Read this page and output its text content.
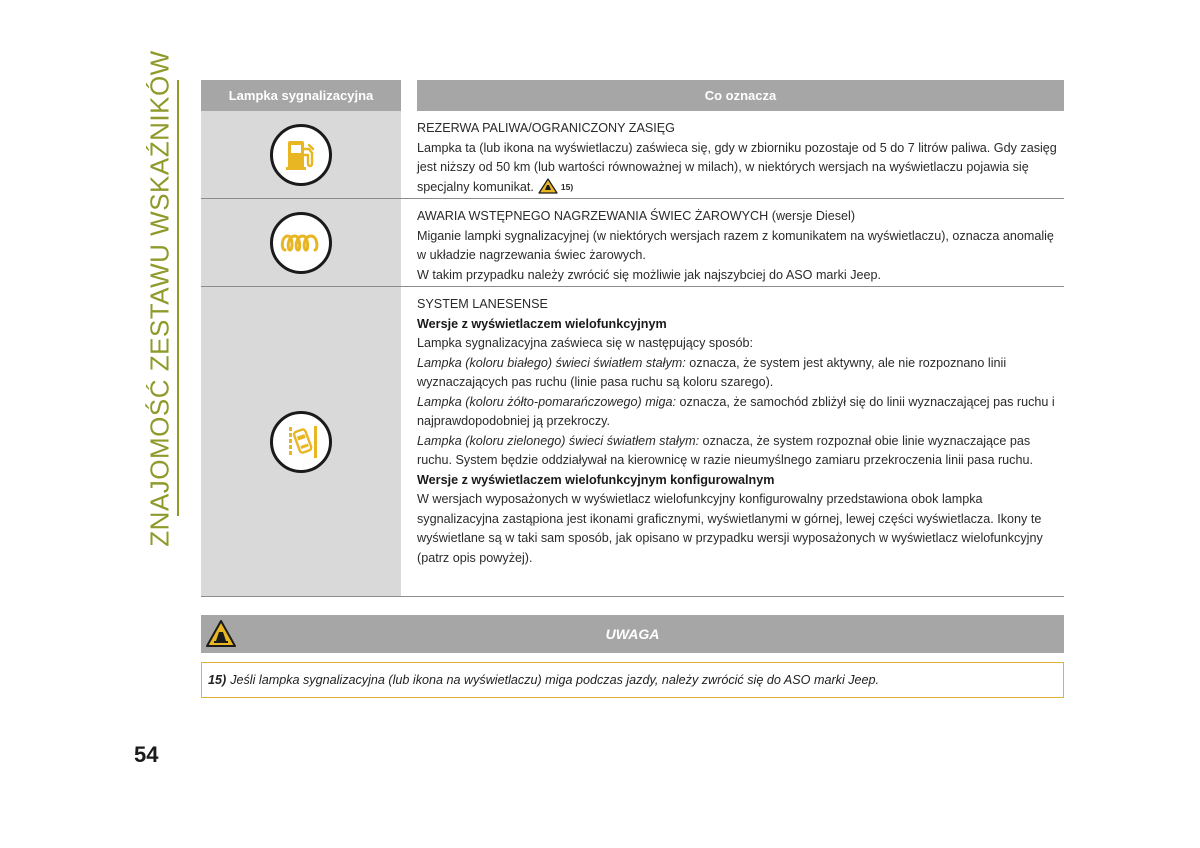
ZNAJOMOŚĆ ZESTAWU WSKAŹNIKÓW	Lampka sygnalizacyjna	Co oznacza

REZERWA PALIWA/OGRANICZONY ZASIĘG

Lampka ta (lub ikona na wyświetlaczu) zaświeca się, gdy w zbiorniku pozostaje od 5 do 7 litrów paliwa. Gdy zasięg jest niższy od 50 km (lub wartości równoważnej w milach), w niektórych wersjach na wyświetlaczu pojawia się specjalny komunikat.	15)

AWARIA WSTĘPNEGO NAGRZEWANIA ŚWIEC ŻAROWYCH (wersje Diesel)

Miganie lampki sygnalizacyjnej (w niektórych wersjach razem z komunikatem na wyświetlaczu), oznacza anomalię w układzie nagrzewania świec żarowych.

W takim przypadku należy zwrócić się możliwie jak najszybciej do ASO marki Jeep.

SYSTEM LANESENSE

Wersje z wyświetlaczem wielofunkcyjnym

Lampka sygnalizacyjna zaświeca się w następujący sposób:

Lampka (koloru białego) świeci światłem stałym: oznacza, że system jest aktywny, ale nie rozpoznano linii wyznaczających pas ruchu (linie pasa ruchu są koloru szarego).

Lampka (koloru żółto-pomarańczowego) miga: oznacza, że samochód zbliżył się do linii wyznaczającej pas ruchu i najprawdopodobniej ją przekroczy.

Lampka (koloru zielonego) świeci światłem stałym: oznacza, że system rozpoznał obie linie wyznaczające pas ruchu. System będzie oddziaływał na kierownicę w razie nieumyślnego zamiaru przekroczenia linii pasa ruchu.

Wersje z wyświetlaczem wielofunkcyjnym konfigurowalnym

W wersjach wyposażonych w wyświetlacz wielofunkcyjny konfigurowalny przedstawiona obok lampka sygnalizacyjna zastąpiona jest ikonami graficznymi, wyświetlanymi w górnej, lewej części wyświetlacza. Ikony te wyświetlane są w taki sam sposób, jak opisano w przypadku wersji wyposażonych w wyświetlacz wielofunkcyjny (patrz opis powyżej).

UWAGA
15) Jeśli lampka sygnalizacyjna (lub ikona na wyświetlaczu) miga podczas jazdy, należy zwrócić się do ASO marki Jeep.
54
